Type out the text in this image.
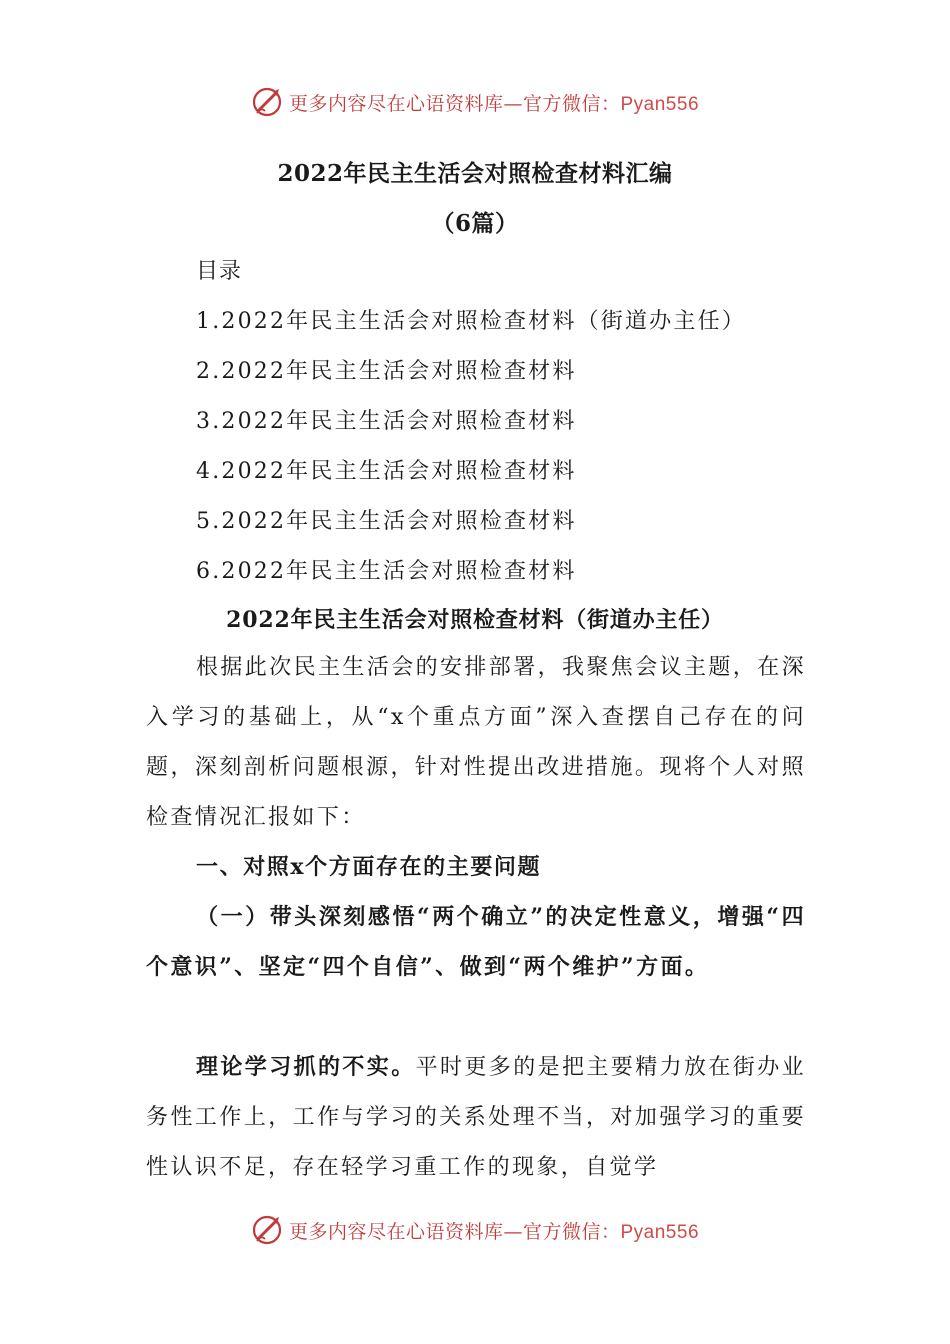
更多内容尽在心语资料库—官方微信：Pyan556
2022年民主生活会对照检查材料汇编
（6篇）
目录
1.2022年民主生活会对照检查材料（街道办主任）
2.2022年民主生活会对照检查材料
3.2022年民主生活会对照检查材料
4.2022年民主生活会对照检查材料
5.2022年民主生活会对照检查材料
6.2022年民主生活会对照检查材料
2022年民主生活会对照检查材料（街道办主任）
根据此次民主生活会的安排部署，我聚焦会议主题，在深入学习的基础上，从“x个重点方面”深入查摆自己存在的问题，深刻剖析问题根源，针对性提出改进措施。现将个人对照检查情况汇报如下：
一、对照x个方面存在的主要问题
（一）带头深刻感悟“两个确立”的决定性意义，增强“四个意识”、坚定“四个自信”、做到“两个维护”方面。
理论学习抓的不实。平时更多的是把主要精力放在街办业务性工作上，工作与学习的关系处理不当，对加强学习的重要性认识不足，存在轻学习重工作的现象，自觉学
更多内容尽在心语资料库—官方微信：Pyan556
